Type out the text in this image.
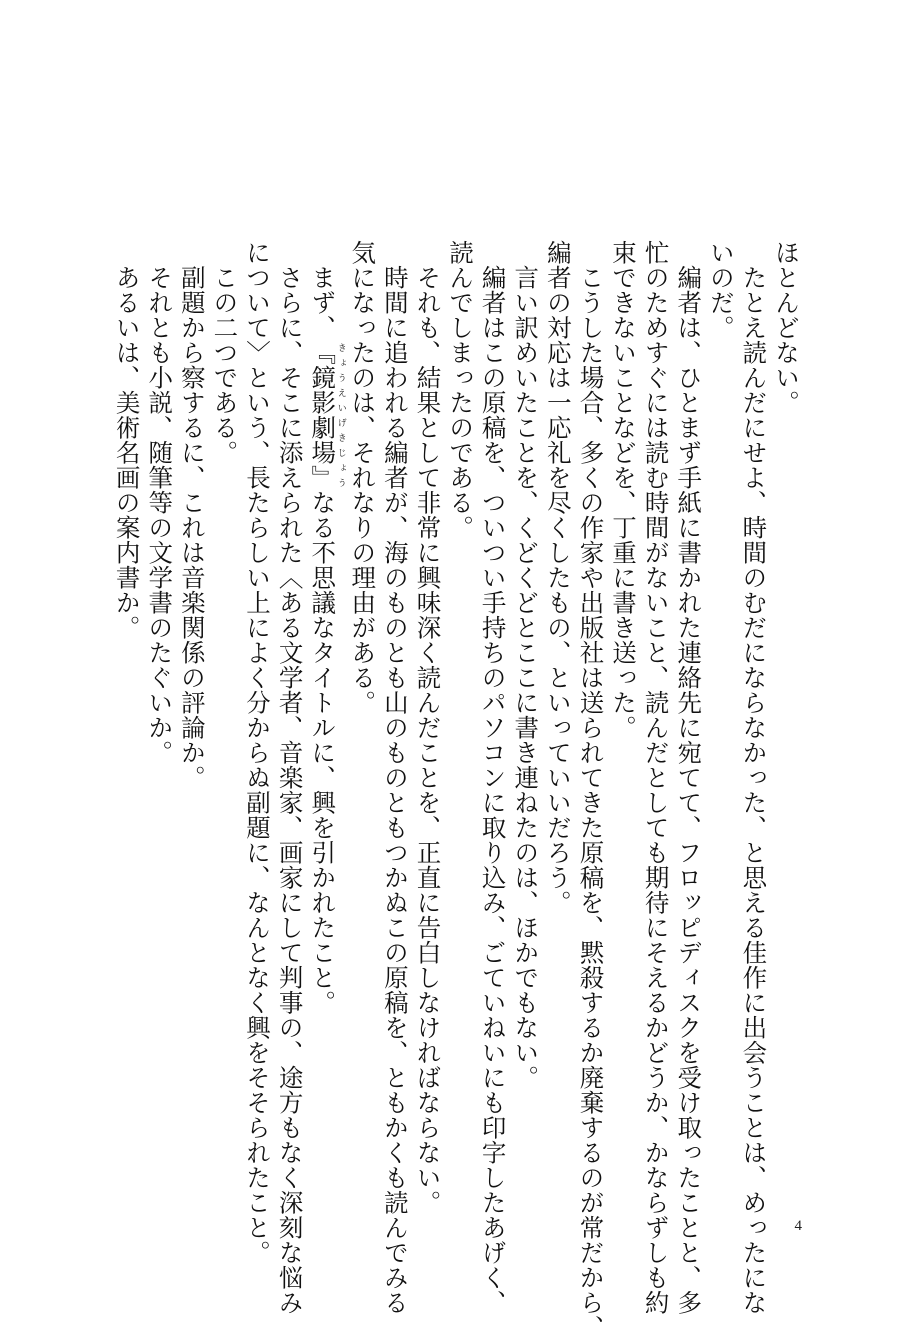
ほとんどない。
　たとえ読んだにせよ、時間のむだにならなかった、と思える佳作に出会うことは、めったにな
いのだ。
　編者は、ひとまず手紙に書かれた連絡先に宛てて、フロッピディスクを受け取ったことと、多
忙のためすぐには読む時間がないこと、読んだとしても期待にそえるかどうか、かならずしも約
束できないことなどを、丁重に書き送った。
　こうした場合、多くの作家や出版社は送られてきた原稿を、黙殺するか廃棄するのが常だから、
編者の対応は一応礼を尽くしたもの、といっていいだろう。
　言い訳めいたことを、くどくどとここに書き連ねたのは、ほかでもない。
　編者はこの原稿を、ついつい手持ちのパソコンに取り込み、ごていねいにも印字したあげく、
読んでしまったのである。
　それも、結果として非常に興味深く読んだことを、正直に告白しなければならない。
　時間に追われる編者が、海のものとも山のものともつかぬこの原稿を、ともかくも読んでみる
気になったのは、それなりの理由がある。
　まず、『鏡影劇場』きょうえいげきじょうなる不思議なタイトルに、興を引かれたこと。
　さらに、そこに添えられた〈ある文学者、音楽家、画家にして判事の、途方もなく深刻な悩み
について〉という、長たらしい上によく分からぬ副題に、なんとなく興をそそられたこと。
　この二つである。
　副題から察するに、これは音楽関係の評論か。
　それとも小説、随筆等の文学書のたぐいか。
　あるいは、美術名画の案内書か。
4
